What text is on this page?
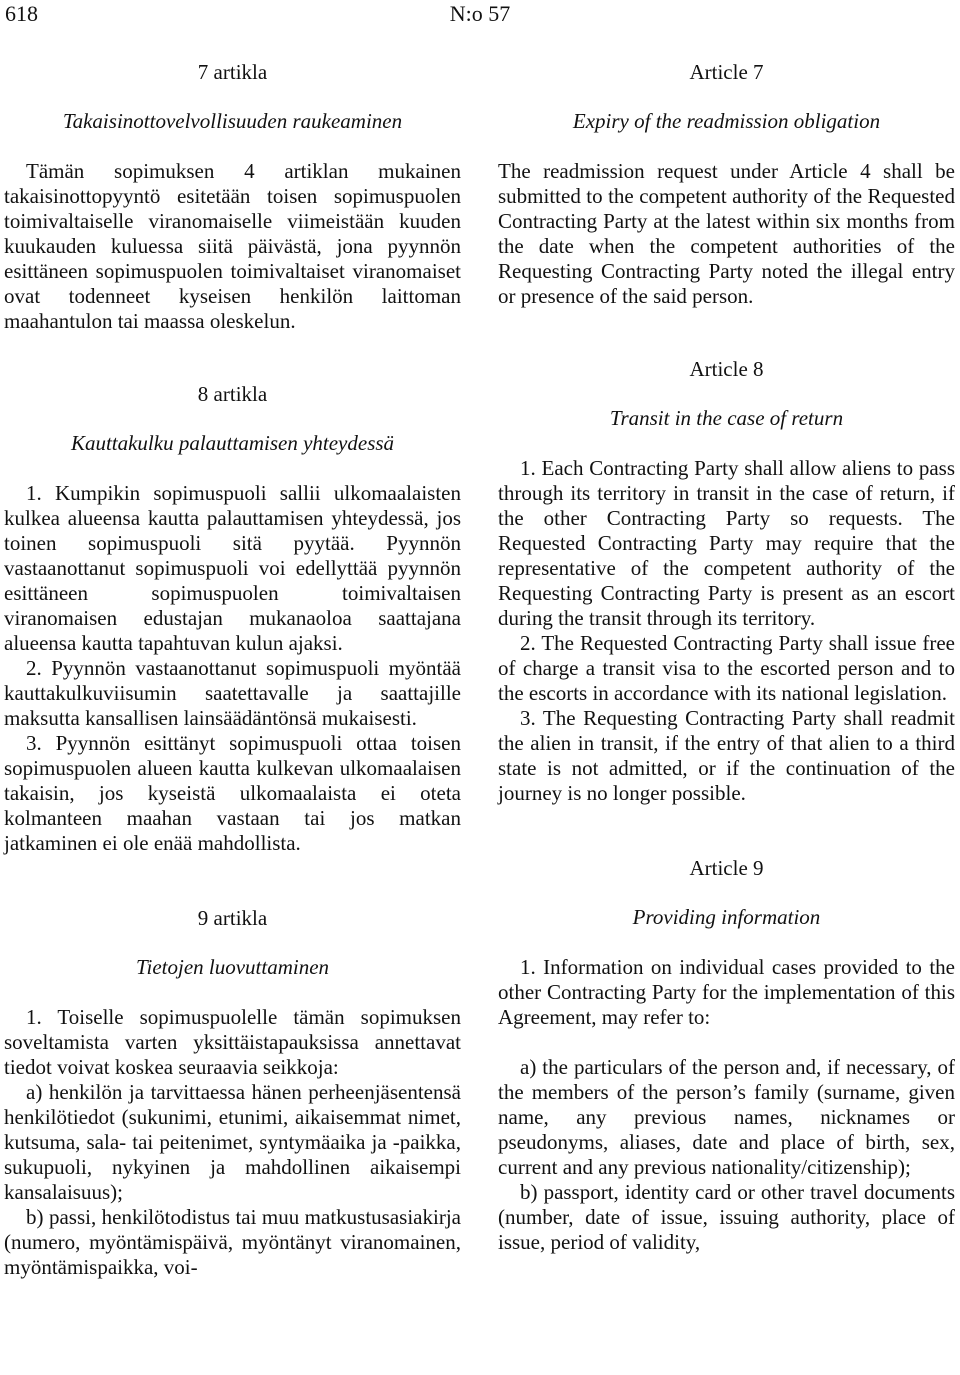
618	N:o 57
7 artikla
Takaisinottovelvollisuuden raukeaminen

Tämän sopimuksen 4 artiklan mukainen takaisinottopyyntö esitetään toisen sopimuspuolen toimivaltaiselle viranomaiselle viimeistään kuuden kuukauden kuluessa siitä päivästä, jona pyynnön esittäneen sopimuspuolen toimivaltaiset viranomaiset ovat todenneet kyseisen henkilön laittoman maahantulon tai maassa oleskelun.

8 artikla
Kauttakulku palauttamisen yhteydessä

1. Kumpikin sopimuspuoli sallii ulkomaalaisten kulkea alueensa kautta palauttamisen yhteydessä, jos toinen sopimuspuoli sitä pyytää. Pyynnön vastaanottanut sopimuspuoli voi edellyttää pyynnön esittäneen sopimuspuolen toimivaltaisen viranomaisen edustajan mukanaoloa saattajana alueensa kautta tapahtuvan kulun ajaksi.

2. Pyynnön vastaanottanut sopimuspuoli myöntää kauttakulkuviisumin saatettavalle ja saattajille maksutta kansallisen lainsäädäntönsä mukaisesti.

3. Pyynnön esittänyt sopimuspuoli ottaa toisen sopimuspuolen alueen kautta kulkevan ulkomaalaisen takaisin, jos kyseistä ulkomaalaista ei oteta kolmanteen maahan vastaan tai jos matkan jatkaminen ei ole enää mahdollista.

9 artikla
Tietojen luovuttaminen

1. Toiselle sopimuspuolelle tämän sopimuksen soveltamista varten yksittäistapauksissa annettavat tiedot voivat koskea seuraavia seikkoja:

a) henkilön ja tarvittaessa hänen perheenjäsentensä henkilötiedot (sukunimi, etunimi, aikaisemmat nimet, kutsuma, sala- tai peitenimet, syntymäaika ja -paikka, sukupuoli, nykyinen ja mahdollinen aikaisempi kansalaisuus);

b) passi, henkilötodistus tai muu matkustusasiakirja (numero, myöntämispäivä, myöntänyt viranomainen, myöntämispaikka, voi-

Article 7
Expiry of the readmission obligation

The readmission request under Article 4 shall be submitted to the competent authority of the Requested Contracting Party at the latest within six months from the date when the competent authorities of the Requesting Contracting Party noted the illegal entry or presence of the said person.

Article 8
Transit in the case of return

1. Each Contracting Party shall allow aliens to pass through its territory in transit in the case of return, if the other Contracting Party so requests. The Requested Contracting Party may require that the representative of the competent authority of the Requesting Contracting Party is present as an escort during the transit through its territory.

2. The Requested Contracting Party shall issue free of charge a transit visa to the escorted person and to the escorts in accordance with its national legislation.

3. The Requesting Contracting Party shall readmit the alien in transit, if the entry of that alien to a third state is not admitted, or if the continuation of the journey is no longer possible.

Article 9
Providing information

1. Information on individual cases provided to the other Contracting Party for the implementation of this Agreement, may refer to:

a) the particulars of the person and, if necessary, of the members of the person’s family (surname, given name, any previous names, nicknames or pseudonyms, aliases, date and place of birth, sex, current and any previous nationality/citizenship);

b) passport, identity card or other travel documents (number, date of issue, issuing authority, place of issue, period of validity,
